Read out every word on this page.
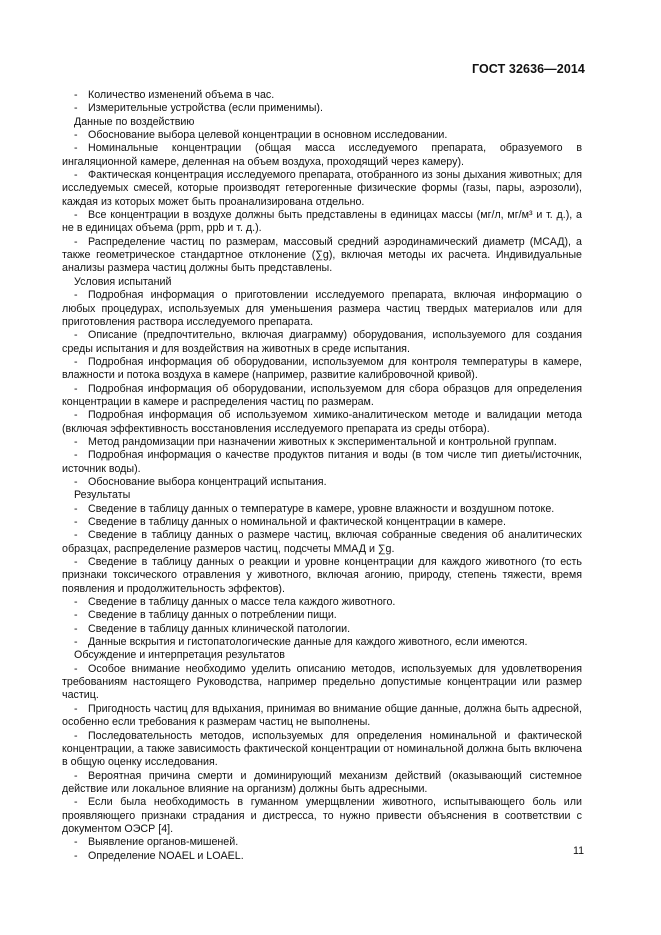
ГОСТ 32636—2014

- Количество изменений объема в час.

- Измерительные устройства (если применимы).

Данные по воздействию

- Обоснование выбора целевой концентрации в основном исследовании.

- Номинальные концентрации (общая масса исследуемого препарата, образуемого в ингаляционной камере, деленная на объем воздуха, проходящий через камеру).

- Фактическая концентрация исследуемого препарата, отобранного из зоны дыхания животных; для исследуемых смесей, которые производят гетерогенные физические формы (газы, пары, аэрозоли), каждая из которых может быть проанализирована отдельно.

- Все концентрации в воздухе должны быть представлены в единицах массы (мг/л, мг/м³ и т. д.), а не в единицах объема (ppm, ppb и т. д.).

- Распределение частиц по размерам, массовый средний аэродинамический диаметр (МСАД), а также геометрическое стандартное отклонение (∑g), включая методы их расчета. Индивидуальные анализы размера частиц должны быть представлены.

Условия испытаний

- Подробная информация о приготовлении исследуемого препарата, включая информацию о любых процедурах, используемых для уменьшения размера частиц твердых материалов или для приготовления раствора исследуемого препарата.

- Описание (предпочтительно, включая диаграмму) оборудования, используемого для создания среды испытания и для воздействия на животных в среде испытания.

- Подробная информация об оборудовании, используемом для контроля температуры в камере, влажности и потока воздуха в камере (например, развитие калибровочной кривой).

- Подробная информация об оборудовании, используемом для сбора образцов для определения концентрации в камере и распределения частиц по размерам.

- Подробная информация об используемом химико-аналитическом методе и валидации метода (включая эффективность восстановления исследуемого препарата из среды отбора).

- Метод рандомизации при назначении животных к экспериментальной и контрольной группам.

- Подробная информация о качестве продуктов питания и воды (в том числе тип диеты/источник, источник воды).

- Обоснование выбора концентраций испытания.

Результаты

- Сведение в таблицу данных о температуре в камере, уровне влажности и воздушном потоке.

- Сведение в таблицу данных о номинальной и фактической концентрации в камере.

- Сведение в таблицу данных о размере частиц, включая собранные сведения об аналитических образцах, распределение размеров частиц, подсчеты ММАД и ∑g.

- Сведение в таблицу данных о реакции и уровне концентрации для каждого животного (то есть признаки токсического отравления у животного, включая агонию, природу, степень тяжести, время появления и продолжительность эффектов).

- Сведение в таблицу данных о массе тела каждого животного.

- Сведение в таблицу данных о потреблении пищи.

- Сведение в таблицу данных клинической патологии.

- Данные вскрытия и гистопатологические данные для каждого животного, если имеются.

Обсуждение и интерпретация результатов

- Особое внимание необходимо уделить описанию методов, используемых для удовлетворения требованиям настоящего Руководства, например предельно допустимые концентрации или размер частиц.

- Пригодность частиц для вдыхания, принимая во внимание общие данные, должна быть адресной, особенно если требования к размерам частиц не выполнены.

- Последовательность методов, используемых для определения номинальной и фактической концентрации, а также зависимость фактической концентрации от номинальной должна быть включена в общую оценку исследования.

- Вероятная причина смерти и доминирующий механизм действий (оказывающий системное действие или локальное влияние на организм) должны быть адресными.

- Если была необходимость в гуманном умерщвлении животного, испытывающего боль или проявляющего признаки страдания и дистресса, то нужно привести объяснения в соответствии с документом ОЭСР [4].

- Выявление органов-мишеней.

- Определение NOAEL и LOAEL.	11
